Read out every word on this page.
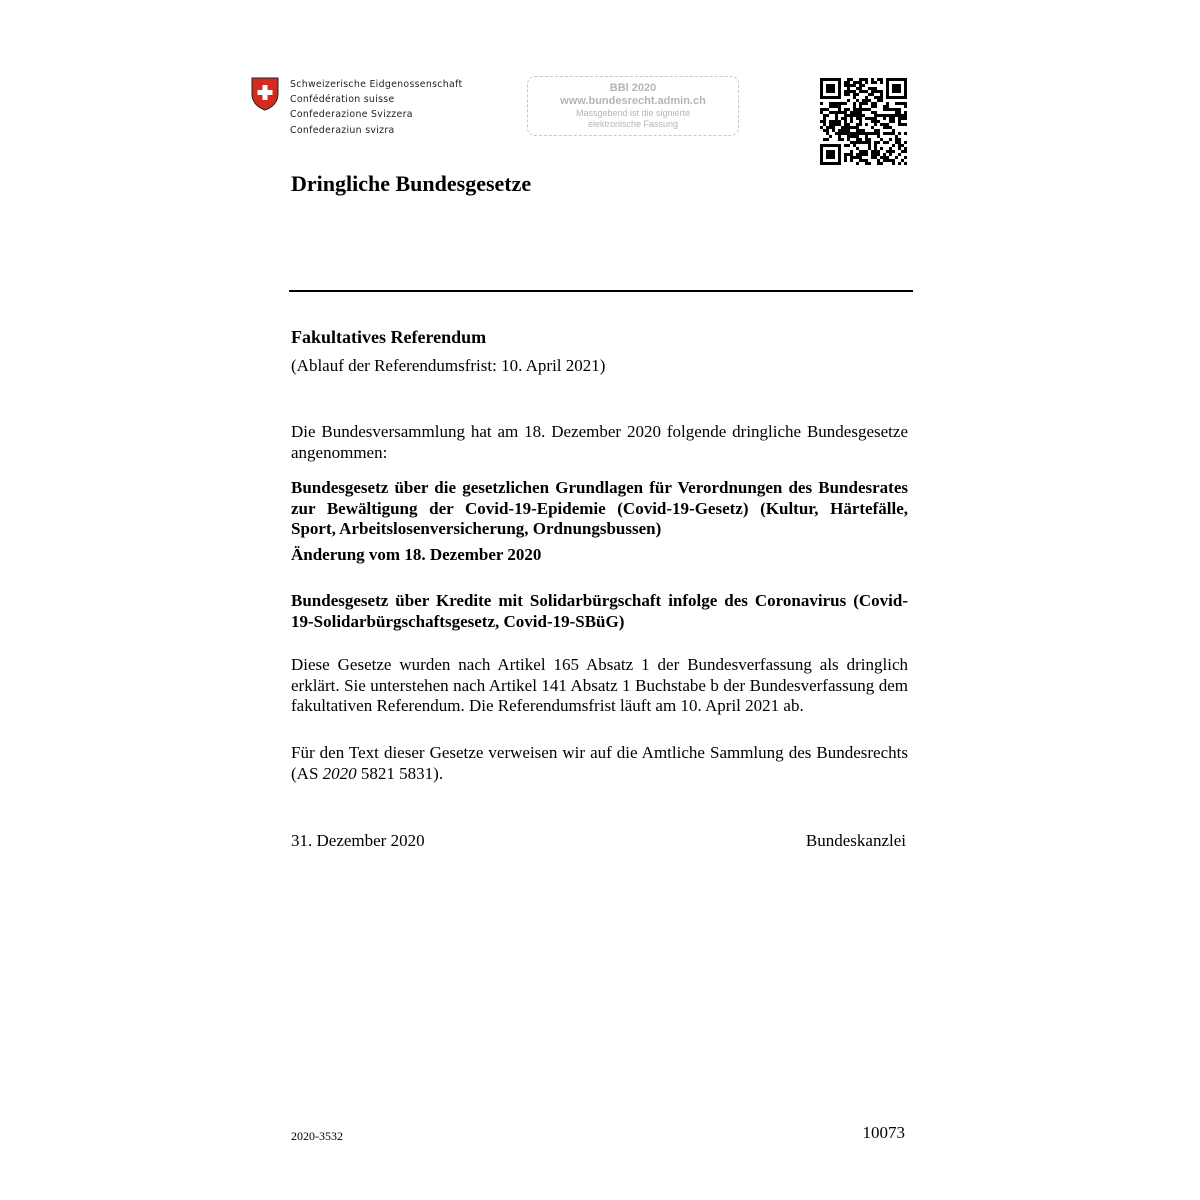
Schweizerische Eidgenossenschaft
Confédération suisse
Confederazione Svizzera
Confederaziun svizra
BBl 2020
www.bundesrecht.admin.ch
Massgebend ist die signierte
elektronische Fassung
Dringliche Bundesgesetze
Fakultatives Referendum
(Ablauf der Referendumsfrist: 10. April 2021)
Die Bundesversammlung hat am 18. Dezember 2020 folgende dringliche Bundesgesetze angenommen:
Bundesgesetz über die gesetzlichen Grundlagen für Verordnungen des Bundesrates zur Bewältigung der Covid-19-Epidemie (Covid-19-Gesetz) (Kultur, Härtefälle, Sport, Arbeitslosenversicherung, Ordnungsbussen)
Änderung vom 18. Dezember 2020
Bundesgesetz über Kredite mit Solidarbürgschaft infolge des Coronavirus (Covid-19-Solidarbürgschaftsgesetz, Covid-19-SBüG)
Diese Gesetze wurden nach Artikel 165 Absatz 1 der Bundesverfassung als dringlich erklärt. Sie unterstehen nach Artikel 141 Absatz 1 Buchstabe b der Bundesverfassung dem fakultativen Referendum. Die Referendumsfrist läuft am 10. April 2021 ab.
Für den Text dieser Gesetze verweisen wir auf die Amtliche Sammlung des Bundesrechts (AS 2020 5821 5831).
31. Dezember 2020	Bundeskanzlei
2020-3532	10073
